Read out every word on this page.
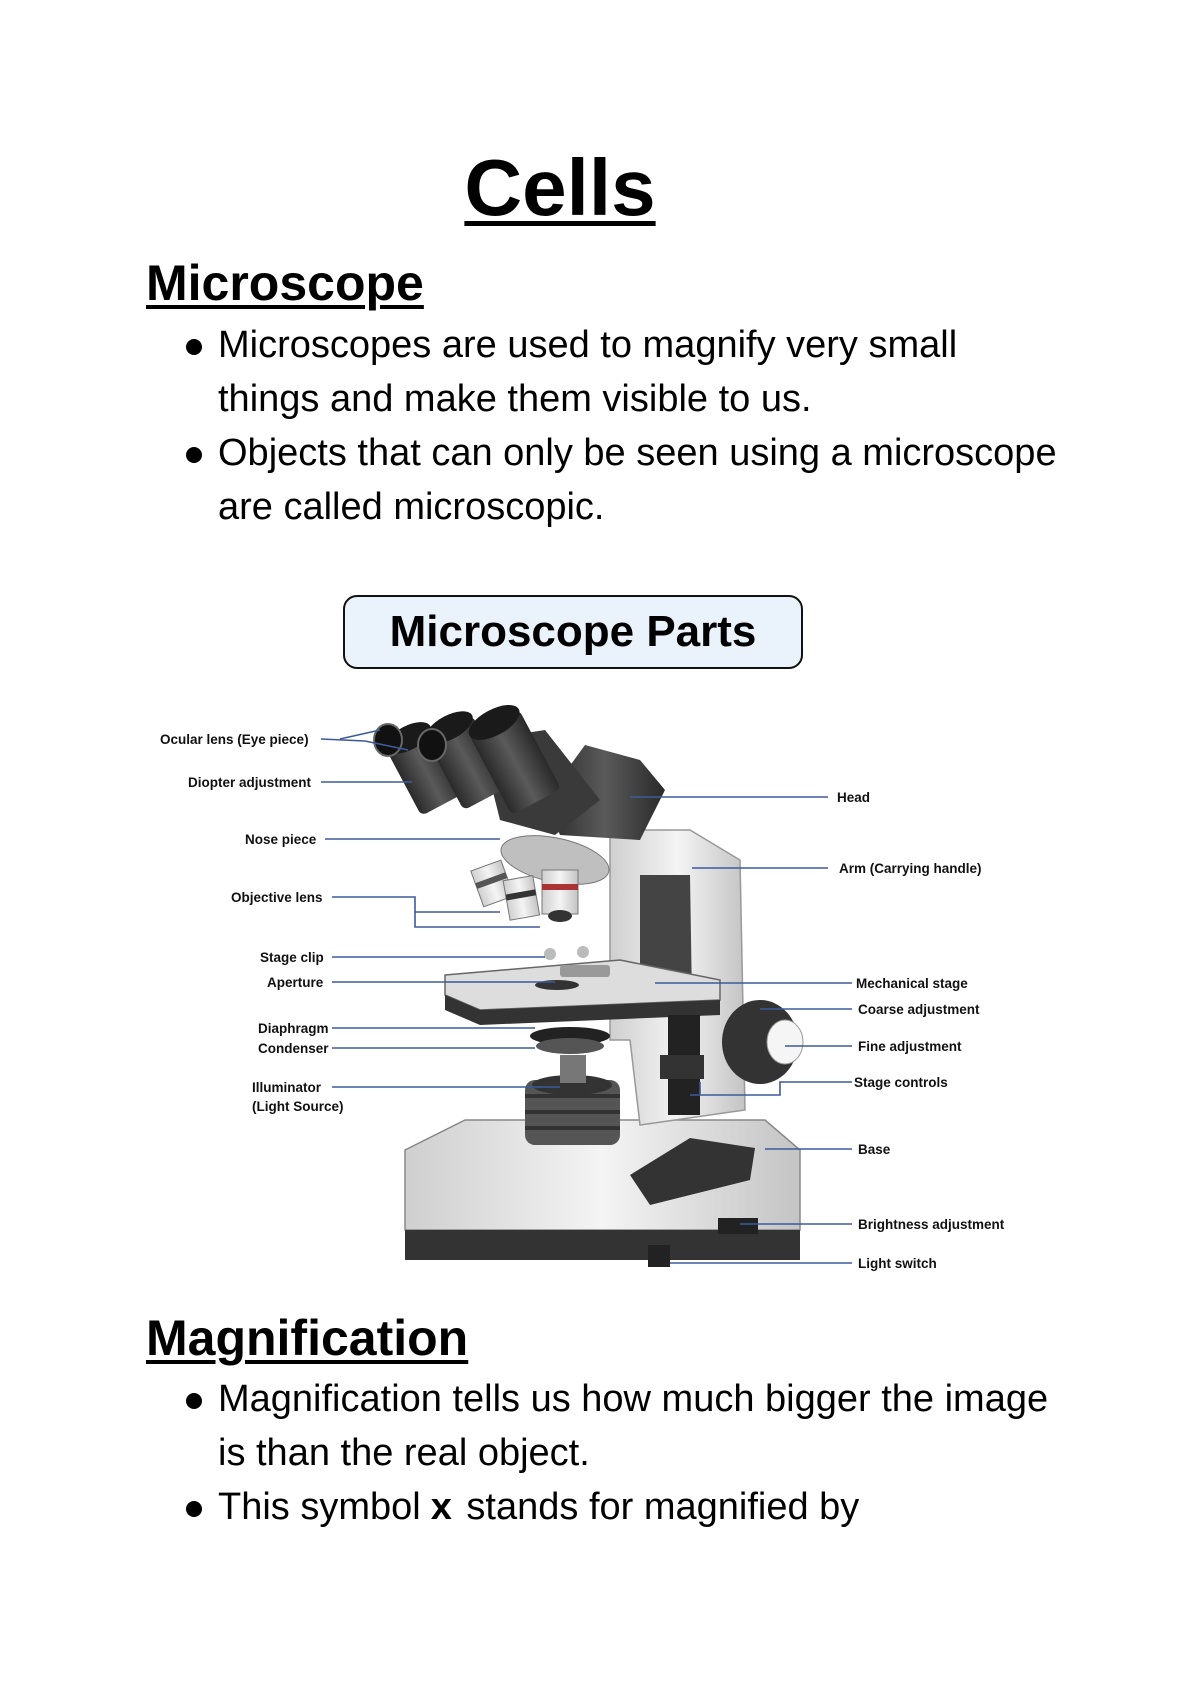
Cells
Microscope
Microscopes are used to magnify very small things and make them visible to us.
Objects that can only be seen using a microscope are called microscopic.
Ocular lens (Eye piece)
Diopter adjustment
Nose piece
Objective lens
Stage clip
Aperture
Diaphragm
Condenser
Illuminator
(Light Source)
Head
Arm (Carrying handle)
Mechanical stage
Coarse adjustment
Fine adjustment
Stage controls
Base
Brightness adjustment
Light switch
Microscope Parts
Magnification
Magnification tells us how much bigger the image is than the real object.
This symbol x stands for magnified by
